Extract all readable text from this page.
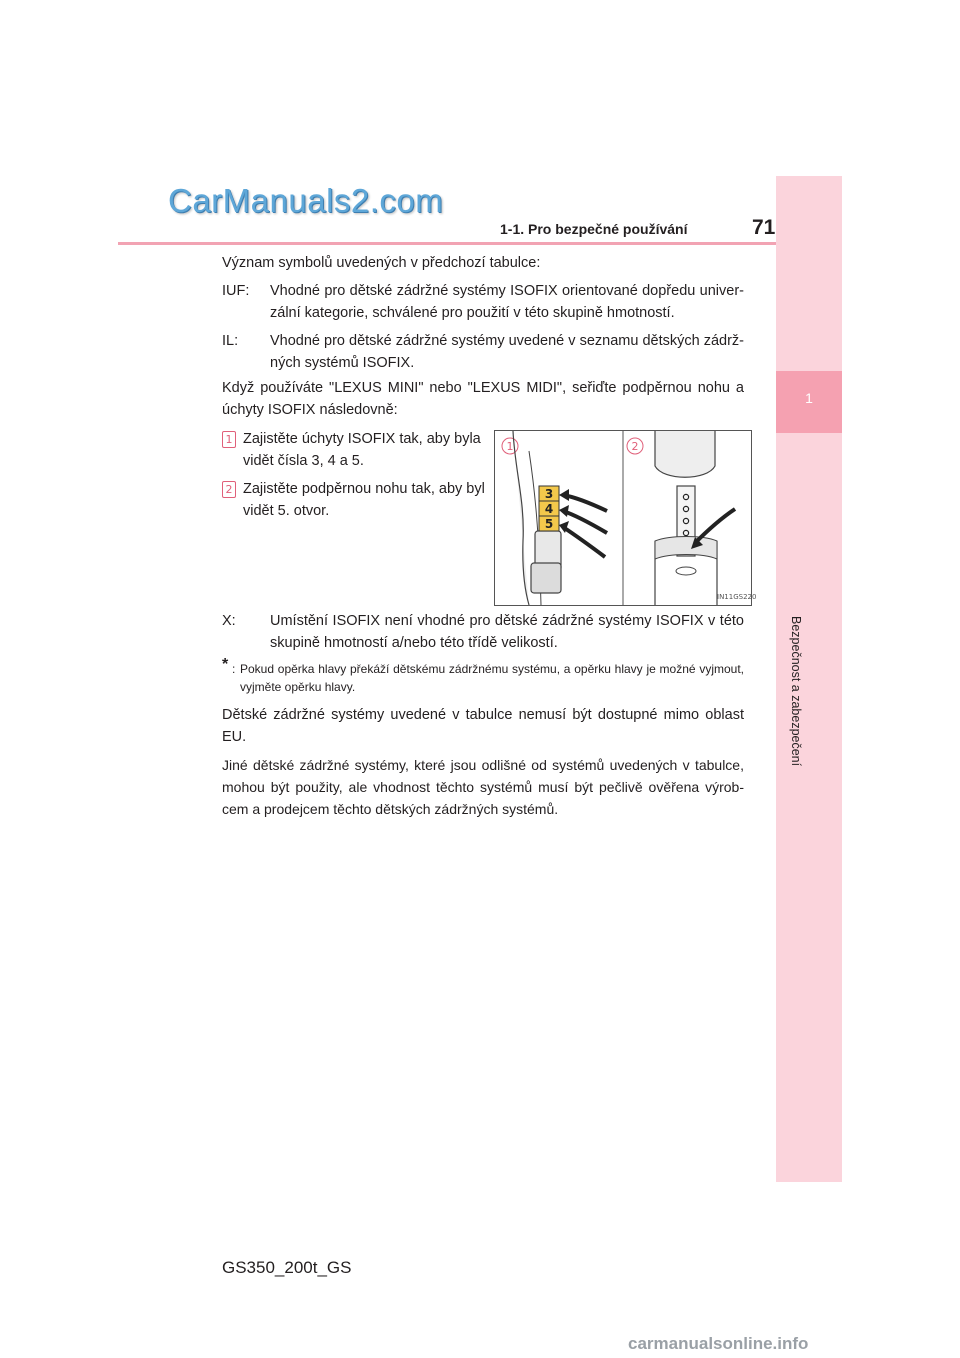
1
CarManuals2.com
1-1. Pro bezpečné používání	71
Význam symbolů uvedených v předchozí tabulce:
IUF:	Vhodné pro dětské zádržné systémy ISOFIX orientované dopředu univer-zální kategorie, schválené pro použití v této skupině hmotností.
IL:	Vhodné pro dětské zádržné systémy uvedené v seznamu dětských zádrž-ných systémů ISOFIX.
Když používáte "LEXUS MINI" nebo "LEXUS MIDI", seřiďte podpěrnou nohu a úchyty ISOFIX následovně:
1 Zajistěte úchyty ISOFIX tak, aby byla vidět čísla 3, 4 a 5.
2 Zajistěte podpěrnou nohu tak, aby byl vidět 5. otvor.
1	2
3
4
5
IN11GS220
X:	Umístění ISOFIX není vhodné pro dětské zádržné systémy ISOFIX v této skupině hmotností a/nebo této třídě velikostí.
* : Pokud opěrka hlavy překáží dětskému zádržnému systému, a opěrku hlavy je možné vyjmout, vyjměte opěrku hlavy.
Dětské zádržné systémy uvedené v tabulce nemusí být dostupné mimo oblast EU.
Jiné dětské zádržné systémy, které jsou odlišné od systémů uvedených v tabulce, mohou být použity, ale vhodnost těchto systémů musí být pečlivě ověřena výrob-cem a prodejcem těchto dětských zádržných systémů.
GS350_200t_GS
carmanualsonline.info
